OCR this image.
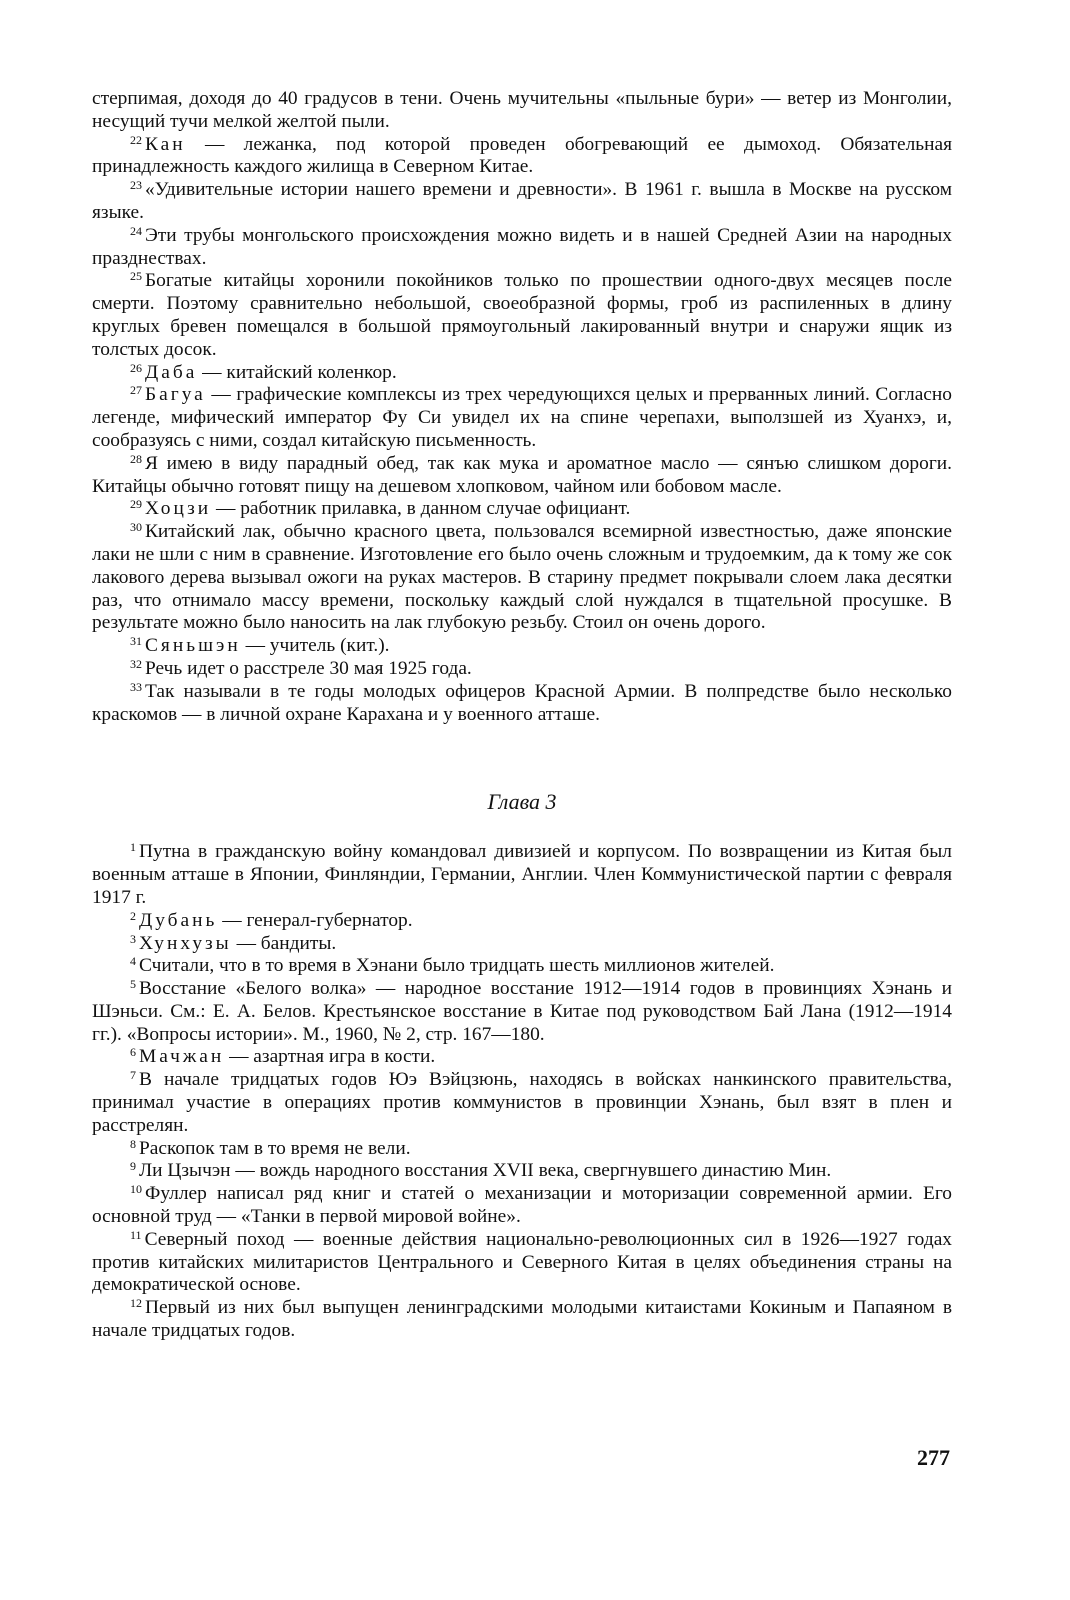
стерпимая, доходя до 40 градусов в тени. Очень мучительны «пыльные бури» — ветер из Монголии, несущий тучи мелкой желтой пыли.

$^{22}$ Кан — лежанка, под которой проведен обогревающий ее дымоход. Обязательная принадлежность каждого жилища в Северном Китае.

$^{23}$ «Удивительные истории нашего времени и древности». В 1961 г. вышла в Москве на русском языке.

$^{24}$ Эти трубы монгольского происхождения можно видеть и в нашей Средней Азии на народных празднествах.

$^{25}$ Богатые китайцы хоронили покойников только по прошествии одного-двух месяцев после смерти. Поэтому сравнительно небольшой, своеобразной формы, гроб из распиленных в длину круглых бревен помещался в большой прямоугольный лакированный внутри и снаружи ящик из толстых досок.

$^{26}$ Даба — китайский коленкор.

$^{27}$ Багуа — графические комплексы из трех чередующихся целых и прерванных линий. Согласно легенде, мифический император Фу Си увидел их на спине черепахи, выползшей из Хуанхэ, и, сообразуясь с ними, создал китайскую письменность.

$^{28}$ Я имею в виду парадный обед, так как мука и ароматное масло — сянъю слишком дороги. Китайцы обычно готовят пищу на дешевом хлопковом, чайном или бобовом масле.

$^{29}$ Хоцзи — работник прилавка, в данном случае официант.

$^{30}$ Китайский лак, обычно красного цвета, пользовался всемирной известностью, даже японские лаки не шли с ним в сравнение. Изготовление его было очень сложным и трудоемким, да к тому же сок лакового дерева вызывал ожоги на руках мастеров. В старину предмет покрывали слоем лака десятки раз, что отнимало массу времени, поскольку каждый слой нуждался в тщательной просушке. В результате можно было наносить на лак глубокую резьбу. Стоил он очень дорого.

$^{31}$ Сяньшэн — учитель (кит.).

$^{32}$ Речь идет о расстреле 30 мая 1925 года.

$^{33}$ Так называли в те годы молодых офицеров Красной Армии. В полпредстве было несколько краскомов — в личной охране Карахана и у военного атташе.

Глава 3

$^1$ Путна в гражданскую войну командовал дивизией и корпусом. По возвращении из Китая был военным атташе в Японии, Финляндии, Германии, Англии. Член Коммунистической партии с февраля 1917 г.

$^2$ Дубань — генерал-губернатор.

$^3$ Хунхузы — бандиты.

$^4$ Считали, что в то время в Хэнани было тридцать шесть миллионов жителей.

$^5$ Восстание «Белого волка» — народное восстание 1912—1914 годов в провинциях Хэнань и Шэньси. См.: Е. А. Белов. Крестьянское восстание в Китае под руководством Бай Лана (1912—1914 гг.). «Вопросы истории». М., 1960, № 2, стр. 167—180.

$^6$ Мачжан — азартная игра в кости.

$^7$ В начале тридцатых годов Юэ Вэйцзюнь, находясь в войсках нанкинского правительства, принимал участие в операциях против коммунистов в провинции Хэнань, был взят в плен и расстрелян.

$^8$ Раскопок там в то время не вели.

$^9$ Ли Цзычэн — вождь народного восстания XVII века, свергнувшего династию Мин.

$^{10}$ Фуллер написал ряд книг и статей о механизации и моторизации современной армии. Его основной труд — «Танки в первой мировой войне».

$^{11}$ Северный поход — военные действия национально-революционных сил в 1926—1927 годах против китайских милитаристов Центрального и Северного Китая в целях объединения страны на демократической основе.

$^{12}$ Первый из них был выпущен ленинградскими молодыми китаистами Кокиным и Папаяном в начале тридцатых годов.

277
